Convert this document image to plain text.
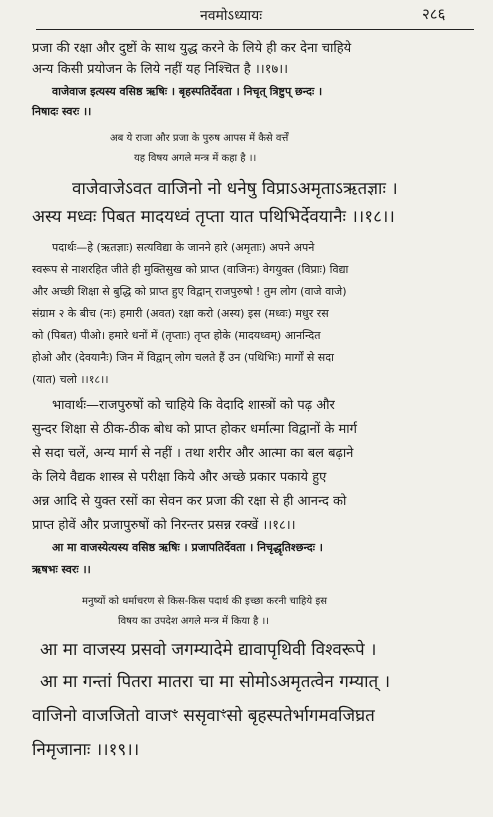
नवमोऽध्यायः	२८६
प्रजा की रक्षा और दुष्टों के साथ युद्ध करने के लिये ही कर देना चाहिये
अन्य किसी प्रयोजन के लिये नहीं यह निश्चित है ।।१७।।
वाजेवाज इत्यस्य वसिष्ठ ऋषिः । बृहस्पतिर्देवता । निचृत् त्रिष्टुप् छन्दः ।
निषादः स्वरः ।।
अब ये राजा और प्रजा के पुरुष आपस में कैसे वर्त्तें
यह विषय अगले मन्त्र में कहा है ।।
वाजेवाजेऽवत वाजिनो नो धनेषु विप्राऽअमृताऽऋतज्ञाः ।
अस्य मध्वः पिबत मादयध्वं तृप्ता यात पथिभिर्देवयानैः ।।१८।।
पदार्थः—हे (ऋतज्ञाः) सत्यविद्या के जानने हारे (अमृताः) अपने अपने
स्वरूप से नाशरहित जीते ही मुक्तिसुख को प्राप्त (वाजिनः) वेगयुक्त (विप्राः) विद्या
और अच्छी शिक्षा से बुद्धि को प्राप्त हुए विद्वान् राजपुरुषो ! तुम लोग (वाजे वाजे)
संग्राम २ के बीच (नः) हमारी (अवत) रक्षा करो (अस्य) इस (मध्वः) मधुर रस
को (पिबत) पीओ। हमारे धनों में (तृप्ताः) तृप्त होके (मादयध्वम्) आनन्दित
होओ और (देवयानैः) जिन में विद्वान् लोग चलते हैं उन (पथिभिः) मार्गों से सदा
(यात) चलो ।।१८।।
भावार्थः—राजपुरुषों को चाहिये कि वेदादि शास्त्रों को पढ़ और
सुन्दर शिक्षा से ठीक-ठीक बोध को प्राप्त होकर धर्मात्मा विद्वानों के मार्ग
से सदा चलें, अन्य मार्ग से नहीं । तथा शरीर और आत्मा का बल बढ़ाने
के लिये वैद्यक शास्त्र से परीक्षा किये और अच्छे प्रकार पकाये हुए
अन्न आदि से युक्त रसों का सेवन कर प्रजा की रक्षा से ही आनन्द को
प्राप्त होवें और प्रजापुरुषों को निरन्तर प्रसन्न रक्खें ।।१८।।
आ मा वाजस्येत्यस्य वसिष्ठ ऋषिः । प्रजापतिर्देवता । निचृद्धृतिश्छन्दः ।
ऋषभः स्वरः ।।
मनुष्यों को धर्माचरण से किस-किस पदार्थ की इच्छा करनी चाहिये इस
विषय का उपदेश अगले मन्त्र में किया है ।।
आ मा वाजस्य प्रसवो जगम्यादेमे द्यावापृथिवी विश्वरूपे ।
आ मा गन्तां पितरा मातरा चा मा सोमोऽअमृतत्वेन गम्यात् ।
वाजिनो वाजजितो वाजꣳ ससृवाꣳसो बृहस्पतेर्भागमवजिघ्रत
निमृजानाः ।।१९।।
